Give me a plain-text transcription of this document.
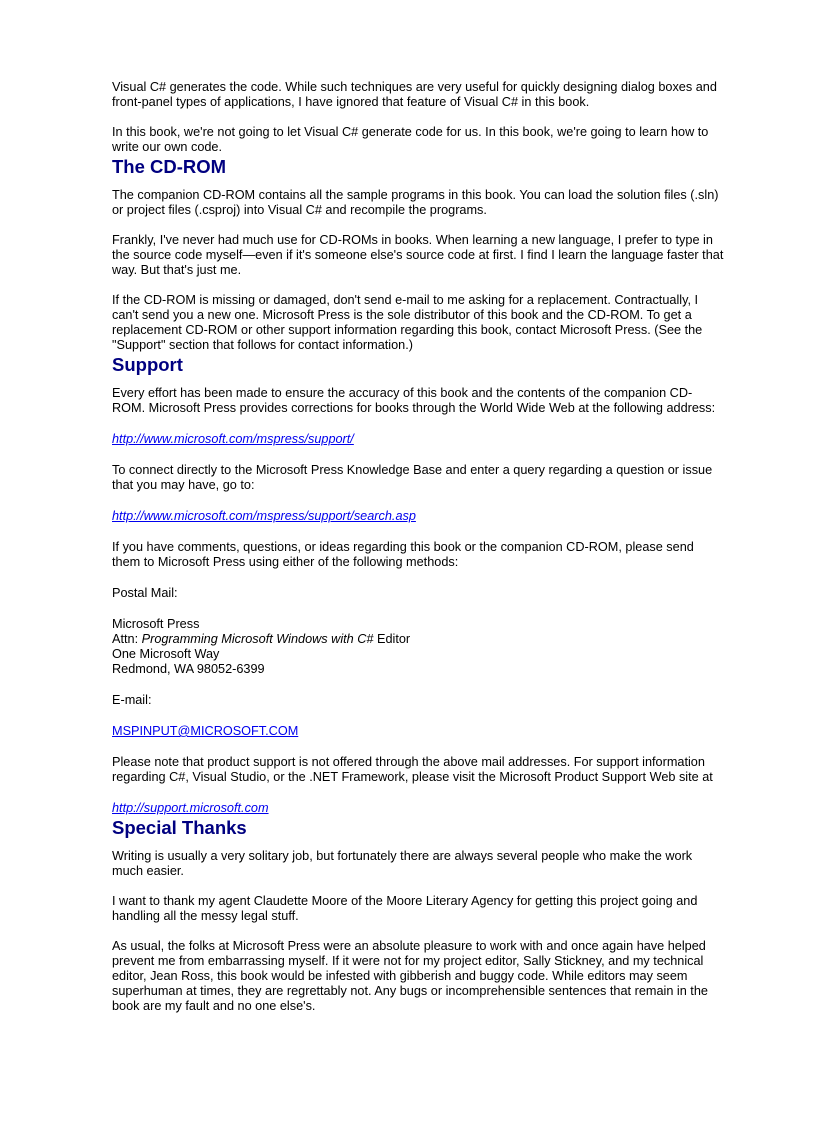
Visual C# generates the code. While such techniques are very useful for quickly designing dialog boxes and front-panel types of applications, I have ignored that feature of Visual C# in this book.

In this book, we're not going to let Visual C# generate code for us. In this book, we're going to learn how to write our own code.

The CD-ROM

The companion CD-ROM contains all the sample programs in this book. You can load the solution files (.sln) or project files (.csproj) into Visual C# and recompile the programs.

Frankly, I've never had much use for CD-ROMs in books. When learning a new language, I prefer to type in the source code myself—even if it's someone else's source code at first. I find I learn the language faster that way. But that's just me.

If the CD-ROM is missing or damaged, don't send e-mail to me asking for a replacement. Contractually, I can't send you a new one. Microsoft Press is the sole distributor of this book and the CD-ROM. To get a replacement CD-ROM or other support information regarding this book, contact Microsoft Press. (See the "Support" section that follows for contact information.)

Support

Every effort has been made to ensure the accuracy of this book and the contents of the companion CD-ROM. Microsoft Press provides corrections for books through the World Wide Web at the following address:

http://www.microsoft.com/mspress/support/

To connect directly to the Microsoft Press Knowledge Base and enter a query regarding a question or issue that you may have, go to:

http://www.microsoft.com/mspress/support/search.asp

If you have comments, questions, or ideas regarding this book or the companion CD-ROM, please send them to Microsoft Press using either of the following methods:

Postal Mail:

Microsoft Press

Attn: Programming Microsoft Windows with C# Editor

One Microsoft Way

Redmond, WA 98052-6399

E-mail:

MSPINPUT@MICROSOFT.COM

Please note that product support is not offered through the above mail addresses. For support information regarding C#, Visual Studio, or the .NET Framework, please visit the Microsoft Product Support Web site at

http://support.microsoft.com

Special Thanks

Writing is usually a very solitary job, but fortunately there are always several people who make the work much easier.

I want to thank my agent Claudette Moore of the Moore Literary Agency for getting this project going and handling all the messy legal stuff.

As usual, the folks at Microsoft Press were an absolute pleasure to work with and once again have helped prevent me from embarrassing myself. If it were not for my project editor, Sally Stickney, and my technical editor, Jean Ross, this book would be infested with gibberish and buggy code. While editors may seem superhuman at times, they are regrettably not. Any bugs or incomprehensible sentences that remain in the book are my fault and no one else's.
